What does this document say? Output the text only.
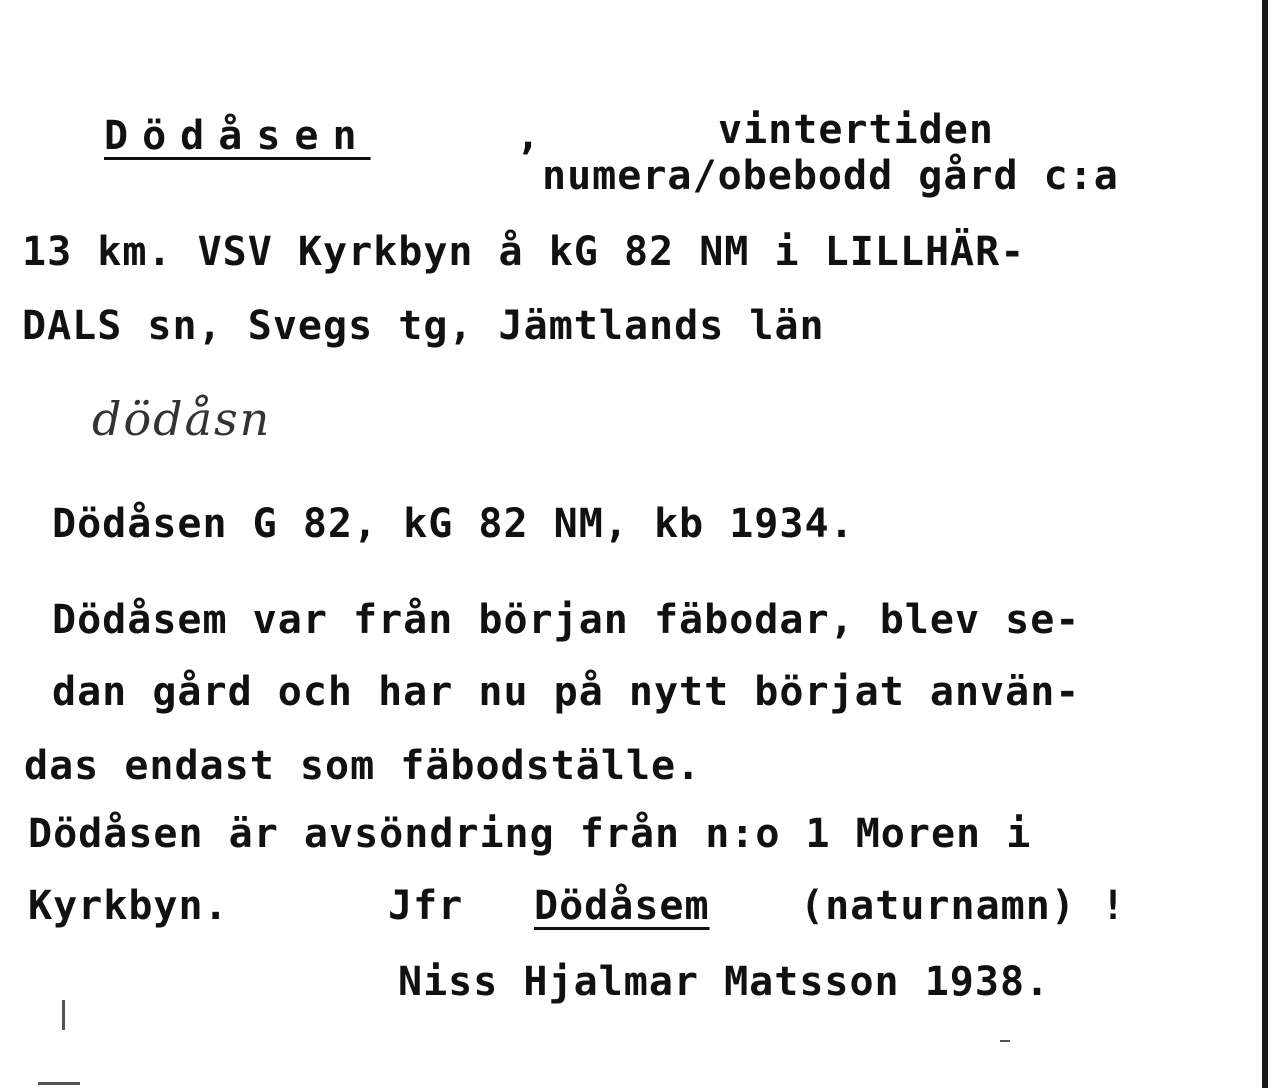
Dödåsen	,	vintertiden
numera/obebodd gård c:a
13 km. VSV Kyrkbyn å kG 82 NM i LILLHÄR-
DALS sn, Svegs tg, Jämtlands län
dödåsn
Dödåsen G 82, kG 82 NM, kb 1934.
Dödåsem var från början fäbodar, blev se-
dan gård och har nu på nytt börjat använ-
das endast som fäbodställe.
Dödåsen är avsöndring från n:o 1 Moren i
Kyrkbyn.	Jfr Dödåsem (naturnamn) !
Niss Hjalmar Matsson 1938.
